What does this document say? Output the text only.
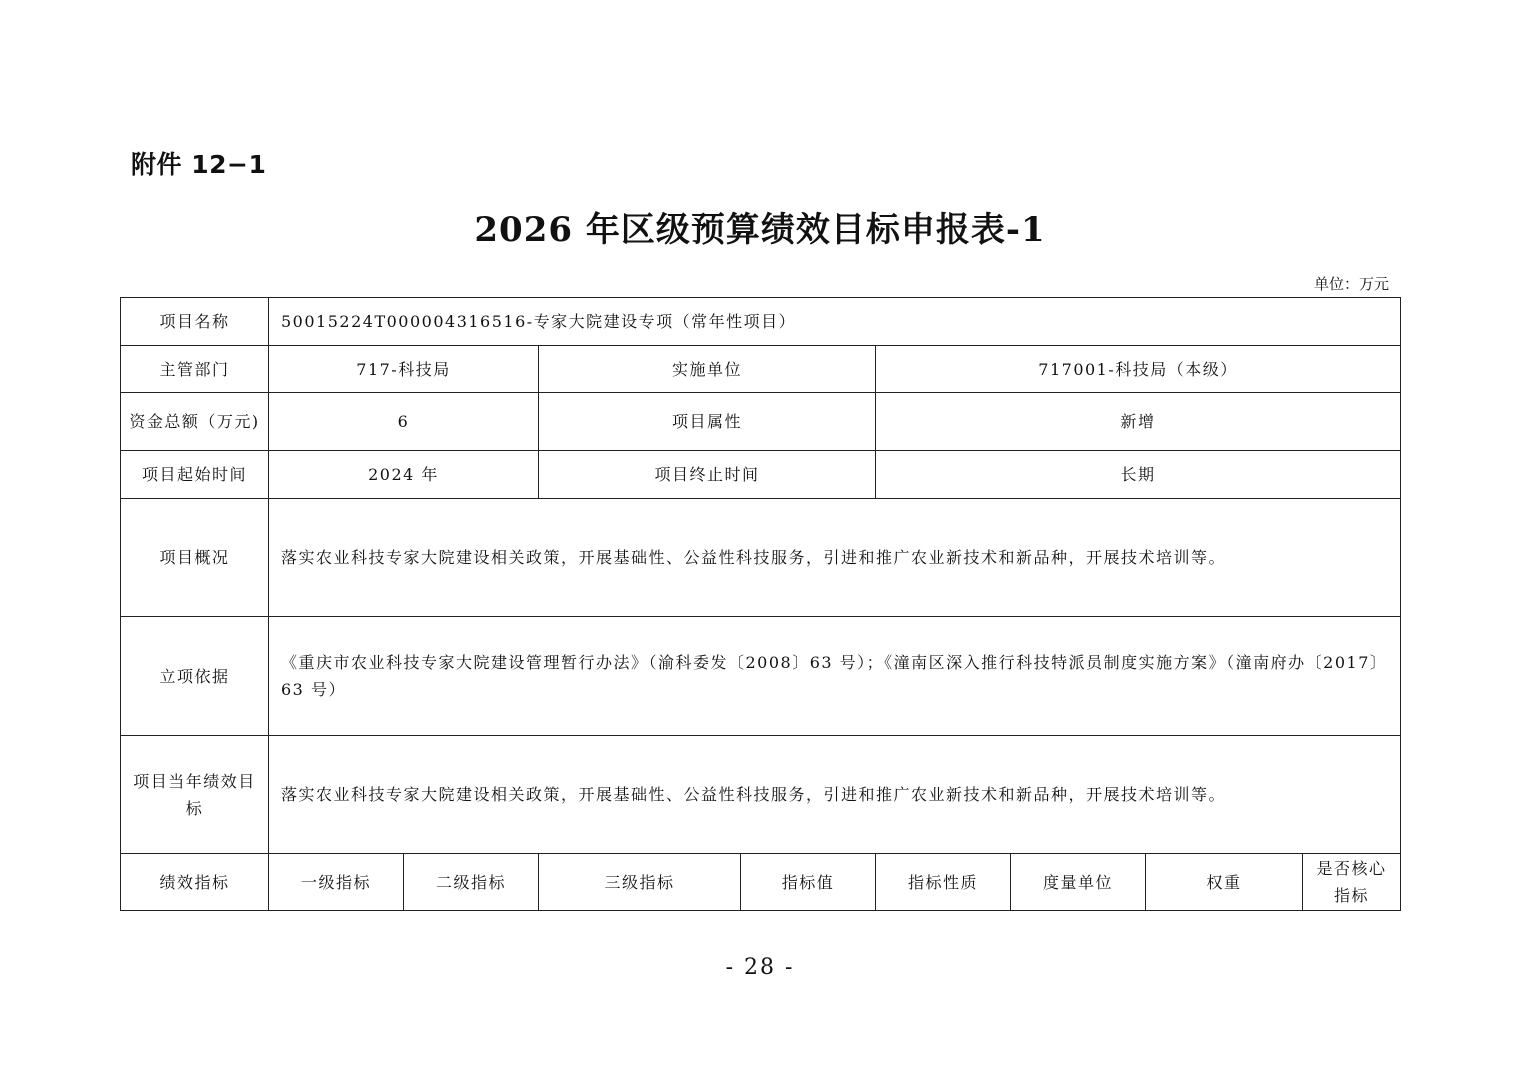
附件 12−1
2026 年区级预算绩效目标申报表-1
单位：万元
项目名称	50015224T000004316516-专家大院建设专项（常年性项目）							
主管部门	717-科技局		实施单位		717001-科技局（本级）			
资金总额（万元)	6		项目属性		新增			
项目起始时间	2024 年		项目终止时间		长期			
项目概况	落实农业科技专家大院建设相关政策，开展基础性、公益性科技服务，引进和推广农业新技术和新品种，开展技术培训等。							
立项依据	《重庆市农业科技专家大院建设管理暂行办法》（渝科委发〔2008〕63 号）；《潼南区深入推行科技特派员制度实施方案》（潼南府办〔2017〕63 号）							
项目当年绩效目标	落实农业科技专家大院建设相关政策，开展基础性、公益性科技服务，引进和推广农业新技术和新品种，开展技术培训等。							
绩效指标	一级指标	二级指标	三级指标	指标值	指标性质	度量单位	权重	是否核心指标
- 28 -
